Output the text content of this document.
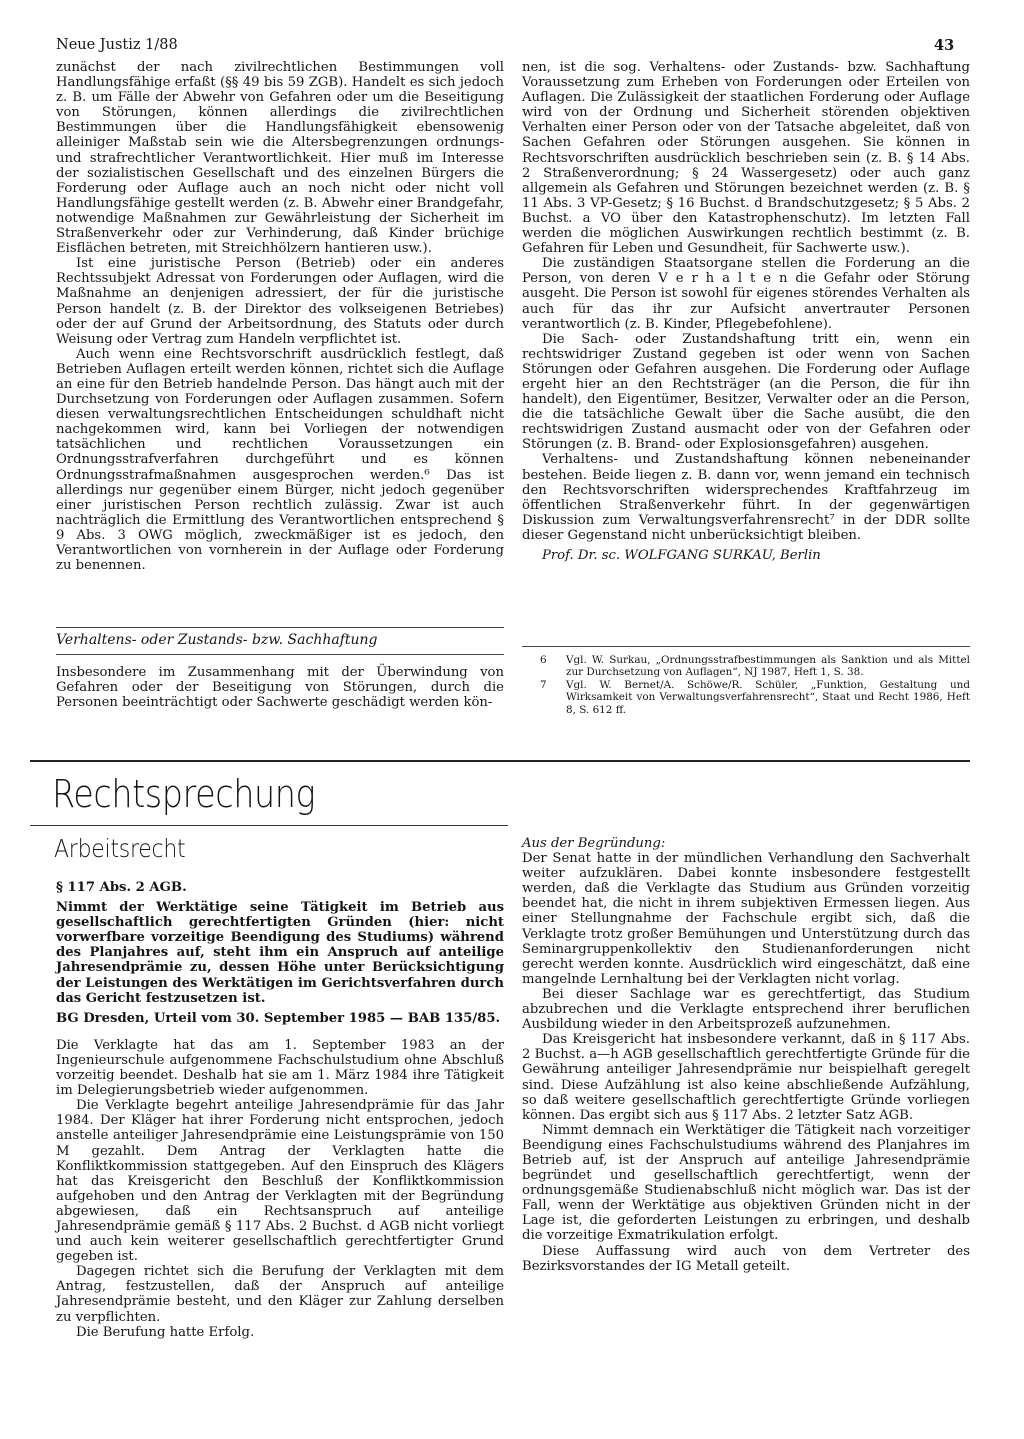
Neue Justiz 1/88	43

zunächst der nach zivilrechtlichen Bestimmungen voll Handlungsfähige erfaßt (§§ 49 bis 59 ZGB). Handelt es sich jedoch z. B. um Fälle der Abwehr von Gefahren oder um die Beseitigung von Störungen, können allerdings die zivilrechtlichen Bestimmungen über die Handlungsfähigkeit ebensowenig alleiniger Maßstab sein wie die Altersbegrenzungen ordnungs- und strafrechtlicher Verantwortlichkeit. Hier muß im Interesse der sozialistischen Gesellschaft und des einzelnen Bürgers die Forderung oder Auflage auch an noch nicht oder nicht voll Handlungsfähige gestellt werden (z. B. Abwehr einer Brandgefahr, notwendige Maßnahmen zur Gewährleistung der Sicherheit im Straßenverkehr oder zur Verhinderung, daß Kinder brüchige Eisflächen betreten, mit Streichhölzern hantieren usw.).

Ist eine juristische Person (Betrieb) oder ein anderes Rechtssubjekt Adressat von Forderungen oder Auflagen, wird die Maßnahme an denjenigen adressiert, der für die juristische Person handelt (z. B. der Direktor des volkseigenen Betriebes) oder der auf Grund der Arbeitsordnung, des Statuts oder durch Weisung oder Vertrag zum Handeln verpflichtet ist.

Auch wenn eine Rechtsvorschrift ausdrücklich festlegt, daß Betrieben Auflagen erteilt werden können, richtet sich die Auflage an eine für den Betrieb handelnde Person. Das hängt auch mit der Durchsetzung von Forderungen oder Auflagen zusammen. Sofern diesen verwaltungsrechtlichen Entscheidungen schuldhaft nicht nachgekommen wird, kann bei Vorliegen der notwendigen tatsächlichen und rechtlichen Voraussetzungen ein Ordnungsstrafverfahren durchgeführt und es können Ordnungsstrafmaßnahmen ausgesprochen werden.⁶ Das ist allerdings nur gegenüber einem Bürger, nicht jedoch gegenüber einer juristischen Person rechtlich zulässig. Zwar ist auch nachträglich die Ermittlung des Verantwortlichen entsprechend § 9 Abs. 3 OWG möglich, zweckmäßiger ist es jedoch, den Verantwortlichen von vornherein in der Auflage oder Forderung zu benennen.

Verhaltens- oder Zustands- bzw. Sachhaftung

Insbesondere im Zusammenhang mit der Überwindung von Gefahren oder der Beseitigung von Störungen, durch die Personen beeinträchtigt oder Sachwerte geschädigt werden kön-

nen, ist die sog. Verhaltens- oder Zustands- bzw. Sachhaftung Voraussetzung zum Erheben von Forderungen oder Erteilen von Auflagen. Die Zulässigkeit der staatlichen Forderung oder Auflage wird von der Ordnung und Sicherheit störenden objektiven Verhalten einer Person oder von der Tatsache abgeleitet, daß von Sachen Gefahren oder Störungen ausgehen. Sie können in Rechtsvorschriften ausdrücklich beschrieben sein (z. B. § 14 Abs. 2 Straßenverordnung; § 24 Wassergesetz) oder auch ganz allgemein als Gefahren und Störungen bezeichnet werden (z. B. § 11 Abs. 3 VP-Gesetz; § 16 Buchst. d Brandschutzgesetz; § 5 Abs. 2 Buchst. a VO über den Katastrophenschutz). Im letzten Fall werden die möglichen Auswirkungen rechtlich bestimmt (z. B. Gefahren für Leben und Gesundheit, für Sachwerte usw.).

Die zuständigen Staatsorgane stellen die Forderung an die Person, von deren V e r h a l t e n die Gefahr oder Störung ausgeht. Die Person ist sowohl für eigenes störendes Verhalten als auch für das ihr zur Aufsicht anvertrauter Personen verantwortlich (z. B. Kinder, Pflegebefohlene).

Die Sach- oder Zustandshaftung tritt ein, wenn ein rechtswidriger Zustand gegeben ist oder wenn von Sachen Störungen oder Gefahren ausgehen. Die Forderung oder Auflage ergeht hier an den Rechtsträger (an die Person, die für ihn handelt), den Eigentümer, Besitzer, Verwalter oder an die Person, die die tatsächliche Gewalt über die Sache ausübt, die den rechtswidrigen Zustand ausmacht oder von der Gefahren oder Störungen (z. B. Brand- oder Explosionsgefahren) ausgehen.

Verhaltens- und Zustandshaftung können nebeneinander bestehen. Beide liegen z. B. dann vor, wenn jemand ein technisch den Rechtsvorschriften widersprechendes Kraftfahrzeug im öffentlichen Straßenverkehr führt. In der gegenwärtigen Diskussion zum Verwaltungsverfahrensrecht⁷ in der DDR sollte dieser Gegenstand nicht unberücksichtigt bleiben.

Prof. Dr. sc. WOLFGANG SURKAU, Berlin

6	Vgl. W. Surkau, „Ordnungsstrafbestimmungen als Sanktion und als Mittel zur Durchsetzung von Auflagen“, NJ 1987, Heft 1, S. 38.
7	Vgl. W. Bernet/A. Schöwe/R. Schüler, „Funktion, Gestaltung und Wirksamkeit von Verwaltungsverfahrensrecht“, Staat und Recht 1986, Heft 8, S. 612 ff.
Rechtsprechung
Arbeitsrecht

§ 117 Abs. 2 AGB.

Nimmt der Werktätige seine Tätigkeit im Betrieb aus gesellschaftlich gerechtfertigten Gründen (hier: nicht vorwerfbare vorzeitige Beendigung des Studiums) während des Planjahres auf, steht ihm ein Anspruch auf anteilige Jahresendprämie zu, dessen Höhe unter Berücksichtigung der Leistungen des Werktätigen im Gerichtsverfahren durch das Gericht festzusetzen ist.

BG Dresden, Urteil vom 30. September 1985 — BAB 135/85.

Die Verklagte hat das am 1. September 1983 an der Ingenieurschule aufgenommene Fachschulstudium ohne Abschluß vorzeitig beendet. Deshalb hat sie am 1. März 1984 ihre Tätigkeit im Delegierungsbetrieb wieder aufgenommen.

Die Verklagte begehrt anteilige Jahresendprämie für das Jahr 1984. Der Kläger hat ihrer Forderung nicht entsprochen, jedoch anstelle anteiliger Jahresendprämie eine Leistungsprämie von 150 M gezahlt. Dem Antrag der Verklagten hatte die Konfliktkommission stattgegeben. Auf den Einspruch des Klägers hat das Kreisgericht den Beschluß der Konfliktkommission aufgehoben und den Antrag der Verklagten mit der Begründung abgewiesen, daß ein Rechtsanspruch auf anteilige Jahresendprämie gemäß § 117 Abs. 2 Buchst. d AGB nicht vorliegt und auch kein weiterer gesellschaftlich gerechtfertigter Grund gegeben ist.

Dagegen richtet sich die Berufung der Verklagten mit dem Antrag, festzustellen, daß der Anspruch auf anteilige Jahresendprämie besteht, und den Kläger zur Zahlung derselben zu verpflichten.

Die Berufung hatte Erfolg.

Aus der Begründung:

Der Senat hatte in der mündlichen Verhandlung den Sachverhalt weiter aufzuklären. Dabei konnte insbesondere festgestellt werden, daß die Verklagte das Studium aus Gründen vorzeitig beendet hat, die nicht in ihrem subjektiven Ermessen liegen. Aus einer Stellungnahme der Fachschule ergibt sich, daß die Verklagte trotz großer Bemühungen und Unterstützung durch das Seminargruppenkollektiv den Studienanforderungen nicht gerecht werden konnte. Ausdrücklich wird eingeschätzt, daß eine mangelnde Lernhaltung bei der Verklagten nicht vorlag.

Bei dieser Sachlage war es gerechtfertigt, das Studium abzubrechen und die Verklagte entsprechend ihrer beruflichen Ausbildung wieder in den Arbeitsprozeß aufzunehmen.

Das Kreisgericht hat insbesondere verkannt, daß in § 117 Abs. 2 Buchst. a—h AGB gesellschaftlich gerechtfertigte Gründe für die Gewährung anteiliger Jahresendprämie nur beispielhaft geregelt sind. Diese Aufzählung ist also keine abschließende Aufzählung, so daß weitere gesellschaftlich gerechtfertigte Gründe vorliegen können. Das ergibt sich aus § 117 Abs. 2 letzter Satz AGB.

Nimmt demnach ein Werktätiger die Tätigkeit nach vorzeitiger Beendigung eines Fachschulstudiums während des Planjahres im Betrieb auf, ist der Anspruch auf anteilige Jahresendprämie begründet und gesellschaftlich gerechtfertigt, wenn der ordnungsgemäße Studienabschluß nicht möglich war. Das ist der Fall, wenn der Werktätige aus objektiven Gründen nicht in der Lage ist, die geforderten Leistungen zu erbringen, und deshalb die vorzeitige Exmatrikulation erfolgt.

Diese Auffassung wird auch von dem Vertreter des Bezirksvorstandes der IG Metall geteilt.
